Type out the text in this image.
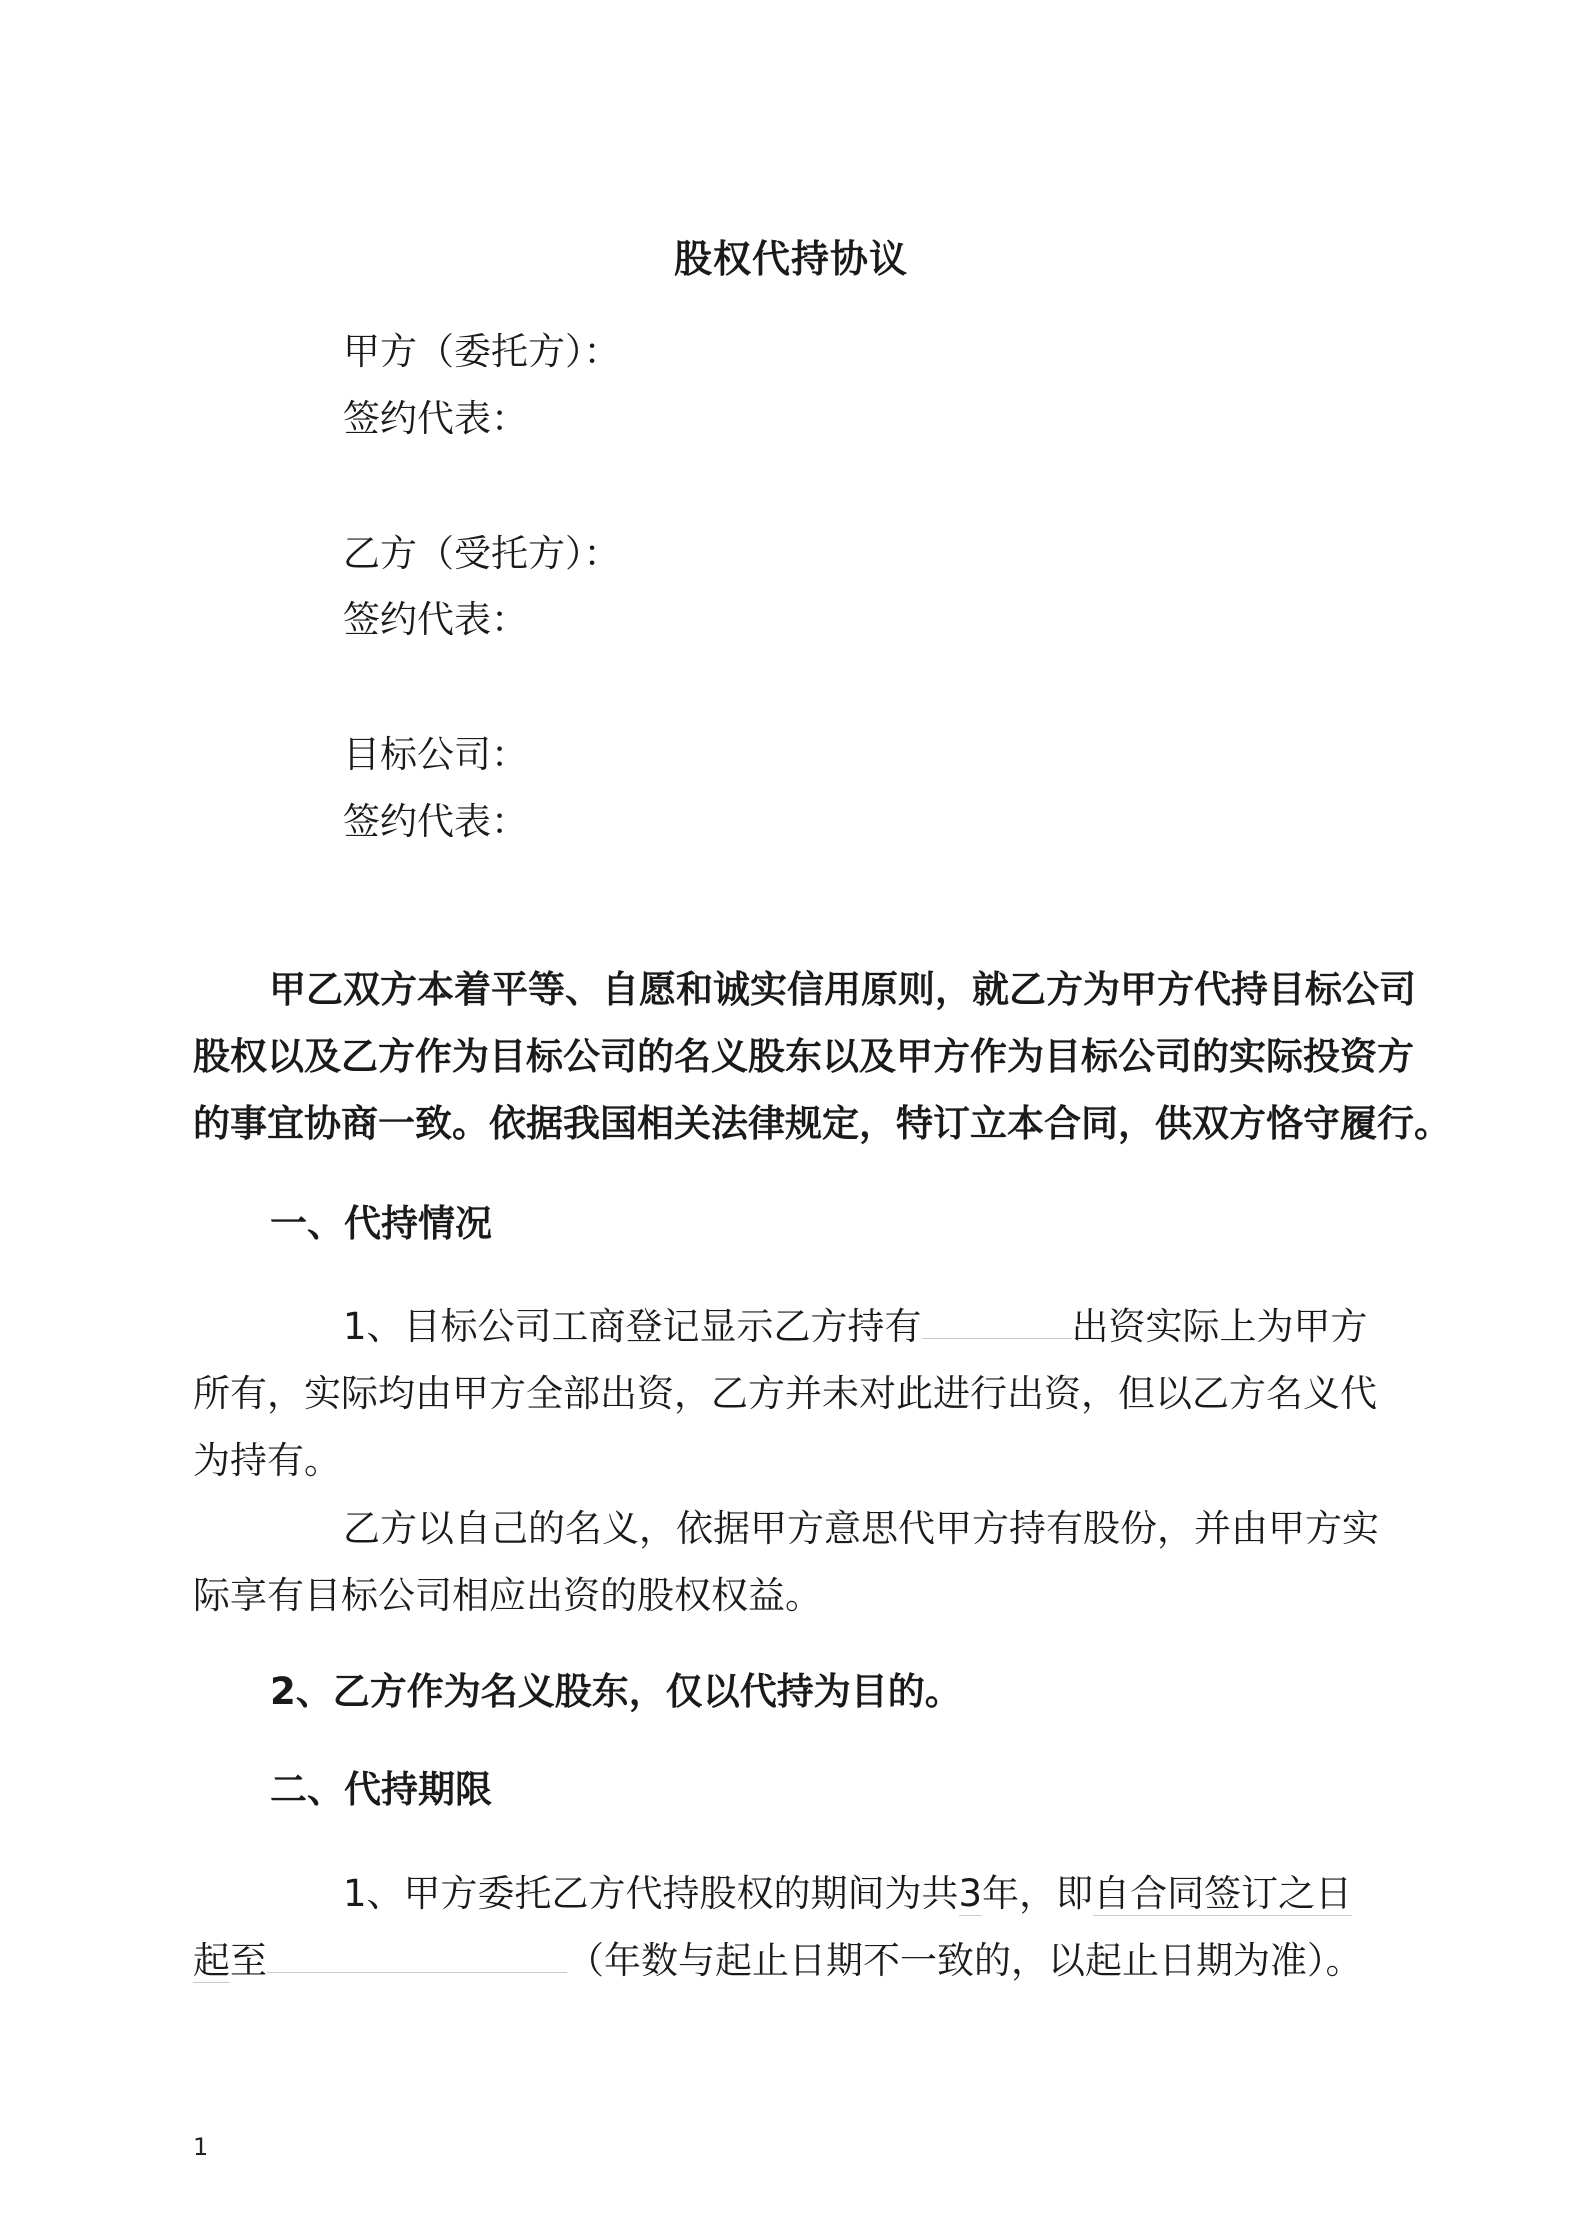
股权代持协议
甲方（委托方）：
签约代表：
乙方（受托方）：
签约代表：
目标公司：
签约代表：
甲乙双方本着平等、自愿和诚实信用原则，就乙方为甲方代持目标公司
股权以及乙方作为目标公司的名义股东以及甲方作为目标公司的实际投资方
的事宜协商一致。依据我国相关法律规定，特订立本合同，供双方恪守履行。
一、代持情况
1、目标公司工商登记显示乙方持有	出资实际上为甲方
所有，实际均由甲方全部出资，乙方并未对此进行出资，但以乙方名义代
为持有。
乙方以自己的名义，依据甲方意思代甲方持有股份，并由甲方实
际享有目标公司相应出资的股权权益。
2、乙方作为名义股东，仅以代持为目的。
二、代持期限
1、甲方委托乙方代持股权的期间为共3年，即自合同签订之日
起至	（年数与起止日期不一致的，以起止日期为准）。
1
